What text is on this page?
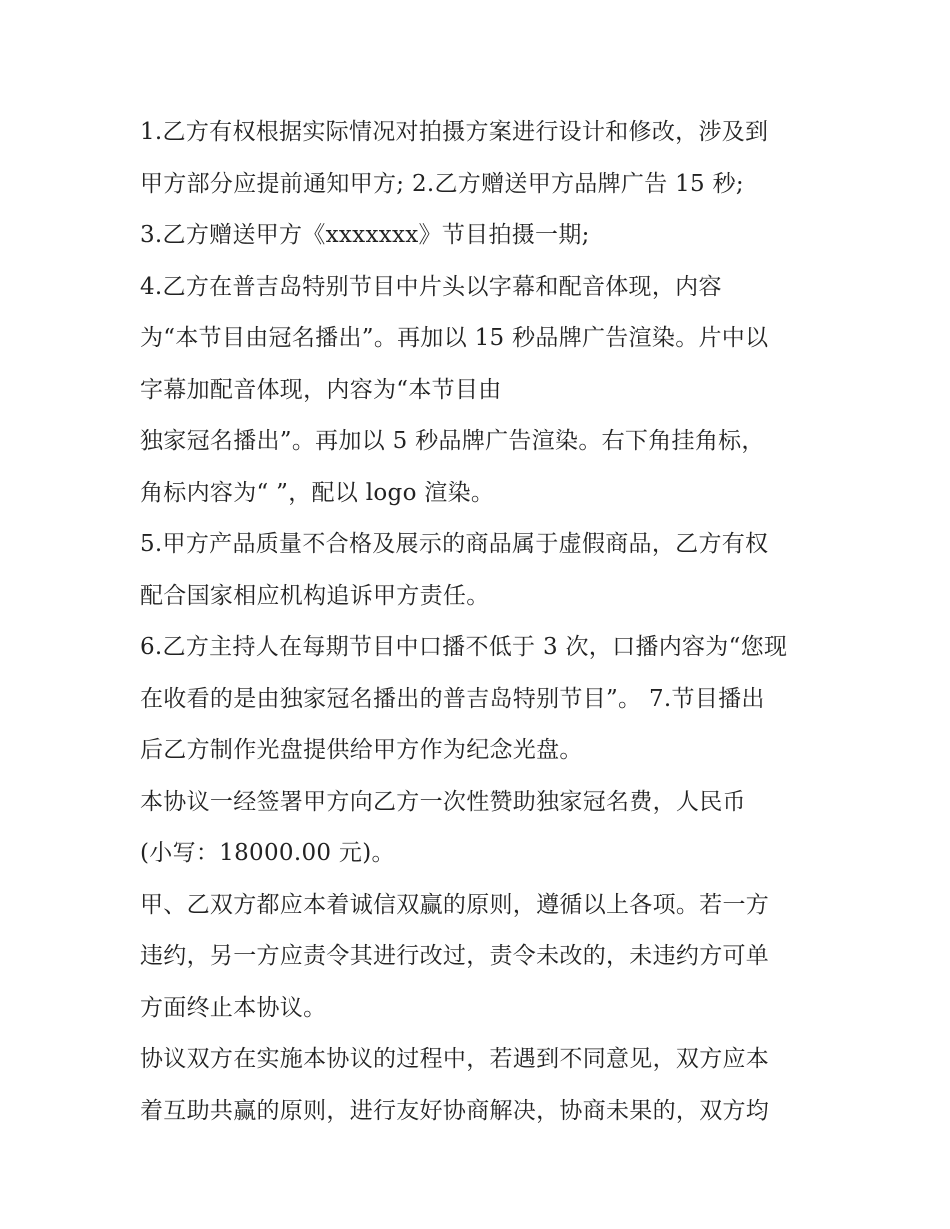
1.乙方有权根据实际情况对拍摄方案进行设计和修改，涉及到
甲方部分应提前通知甲方; 2.乙方赠送甲方品牌广告 15 秒;
3.乙方赠送甲方《xxxxxxx》节目拍摄一期;
4.乙方在普吉岛特别节目中片头以字幕和配音体现，内容
为“本节目由冠名播出”。再加以 15 秒品牌广告渲染。片中以
字幕加配音体现，内容为“本节目由
独家冠名播出”。再加以 5 秒品牌广告渲染。右下角挂角标，
角标内容为“ ”，配以 logo 渲染。
5.甲方产品质量不合格及展示的商品属于虚假商品，乙方有权
配合国家相应机构追诉甲方责任。
6.乙方主持人在每期节目中口播不低于 3 次，口播内容为“您现
在收看的是由独家冠名播出的普吉岛特别节目”。 7.节目播出
后乙方制作光盘提供给甲方作为纪念光盘。
本协议一经签署甲方向乙方一次性赞助独家冠名费，人民币
(小写：18000.00 元)。
甲、乙双方都应本着诚信双赢的原则，遵循以上各项。若一方
违约，另一方应责令其进行改过，责令未改的，未违约方可单
方面终止本协议。
协议双方在实施本协议的过程中，若遇到不同意见，双方应本
着互助共赢的原则，进行友好协商解决，协商未果的，双方均
